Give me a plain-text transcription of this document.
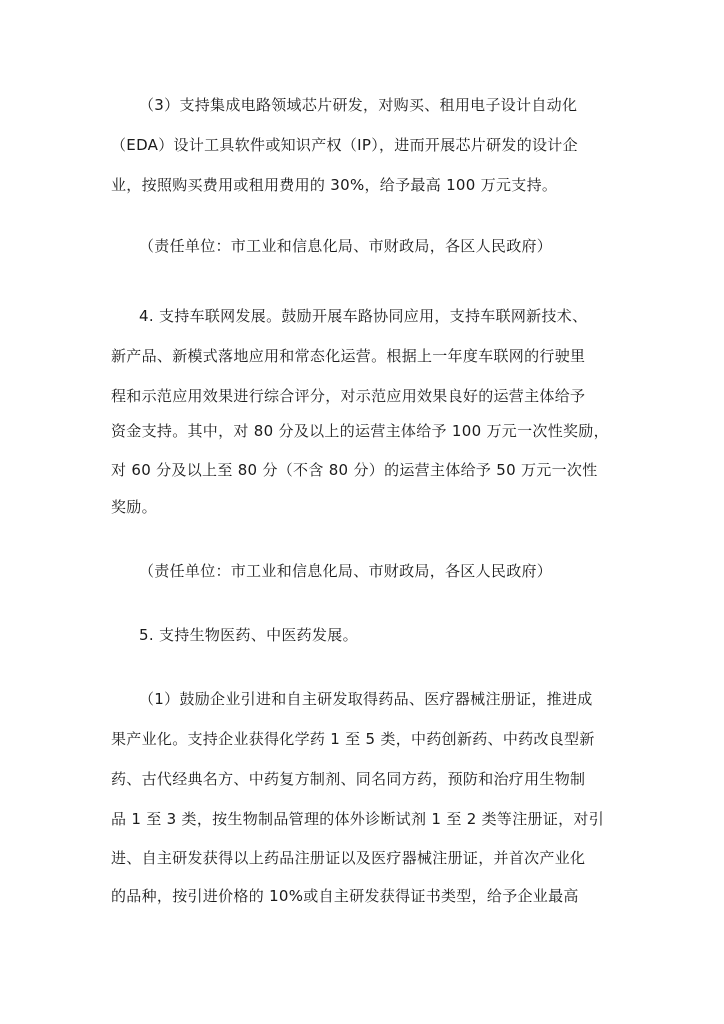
（3）支持集成电路领域芯片研发，对购买、租用电子设计自动化
（EDA）设计工具软件或知识产权（IP），进而开展芯片研发的设计企
业，按照购买费用或租用费用的 30%，给予最高 100 万元支持。
（责任单位：市工业和信息化局、市财政局，各区人民政府）
4. 支持车联网发展。鼓励开展车路协同应用，支持车联网新技术、
新产品、新模式落地应用和常态化运营。根据上一年度车联网的行驶里
程和示范应用效果进行综合评分，对示范应用效果良好的运营主体给予
资金支持。其中，对 80 分及以上的运营主体给予 100 万元一次性奖励，
对 60 分及以上至 80 分（不含 80 分）的运营主体给予 50 万元一次性
奖励。
（责任单位：市工业和信息化局、市财政局，各区人民政府）
5. 支持生物医药、中医药发展。
（1）鼓励企业引进和自主研发取得药品、医疗器械注册证，推进成
果产业化。支持企业获得化学药 1 至 5 类，中药创新药、中药改良型新
药、古代经典名方、中药复方制剂、同名同方药，预防和治疗用生物制
品 1 至 3 类，按生物制品管理的体外诊断试剂 1 至 2 类等注册证，对引
进、自主研发获得以上药品注册证以及医疗器械注册证，并首次产业化
的品种，按引进价格的 10%或自主研发获得证书类型，给予企业最高
